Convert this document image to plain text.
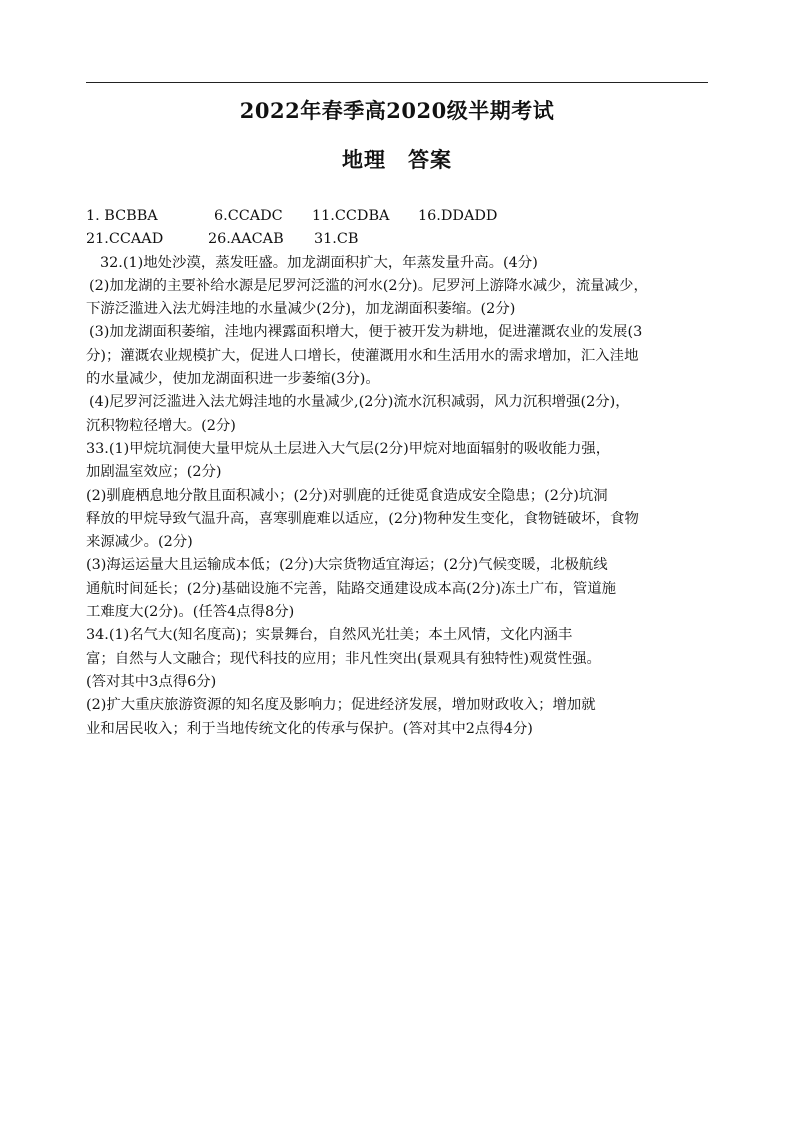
2022年春季高2020级半期考试
地理　答案
1. BCBBA	6.CCADC	11.CCDBA	16.DDADD
21.CCAAD	26.AACAB	31.CB
32.(1)地处沙漠，蒸发旺盛。加龙湖面积扩大，年蒸发量升高。(4分)
(2)加龙湖的主要补给水源是尼罗河泛滥的河水(2分)。尼罗河上游降水减少，流量减少，
下游泛滥进入法尤姆洼地的水量减少(2分)，加龙湖面积萎缩。(2分)
(3)加龙湖面积萎缩，洼地内裸露面积增大，便于被开发为耕地，促进灌溉农业的发展(3
分)；灌溉农业规模扩大，促进人口增长，使灌溉用水和生活用水的需求增加，汇入洼地
的水量减少，使加龙湖面积进一步萎缩(3分)。
(4)尼罗河泛滥进入法尤姆洼地的水量减少,(2分)流水沉积减弱，风力沉积增强(2分)，
沉积物粒径增大。(2分)
33.(1)甲烷坑洞使大量甲烷从土层进入大气层(2分)甲烷对地面辐射的吸收能力强，
加剧温室效应；(2分)
(2)驯鹿栖息地分散且面积减小；(2分)对驯鹿的迁徙觅食造成安全隐患；(2分)坑洞
释放的甲烷导致气温升高，喜寒驯鹿难以适应，(2分)物种发生变化，食物链破坏，食物
来源减少。(2分)
(3)海运运量大且运输成本低；(2分)大宗货物适宜海运；(2分)气候变暖，北极航线
通航时间延长；(2分)基础设施不完善，陆路交通建设成本高(2分)冻土广布，管道施
工难度大(2分)。(任答4点得8分)
34.(1)名气大(知名度高)；实景舞台，自然风光壮美；本土风情，文化内涵丰
富；自然与人文融合；现代科技的应用；非凡性突出(景观具有独特性)观赏性强。
(答对其中3点得6分)
(2)扩大重庆旅游资源的知名度及影响力；促进经济发展，增加财政收入；增加就
业和居民收入；利于当地传统文化的传承与保护。(答对其中2点得4分)
